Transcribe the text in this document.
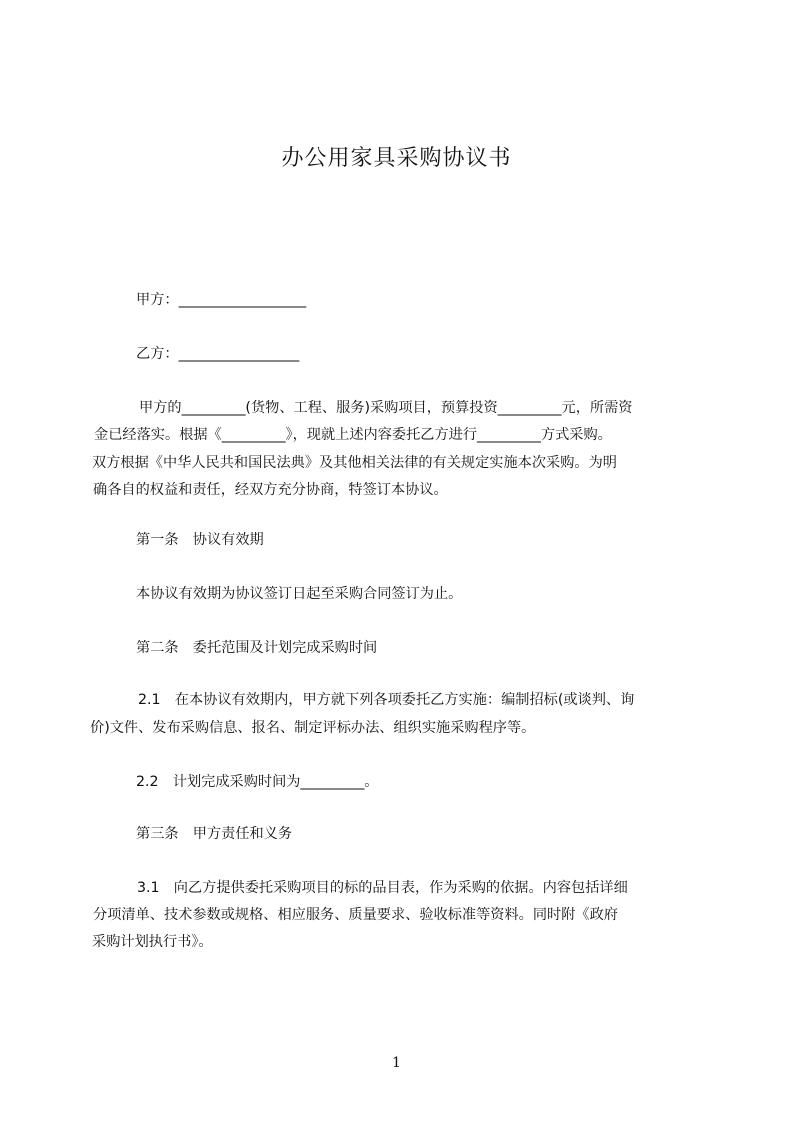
办公用家具采购协议书
甲方：__________________
乙方：_________________
甲方的_________(货物、工程、服务)采购项目，预算投资_________元，所需资
金已经落实。根据《_________》，现就上述内容委托乙方进行_________方式采购。
双方根据《中华人民共和国民法典》及其他相关法律的有关规定实施本次采购。为明
确各自的权益和责任，经双方充分协商，特签订本协议。
第一条　协议有效期
本协议有效期为协议签订日起至采购合同签订为止。
第二条　委托范围及计划完成采购时间
2.1　在本协议有效期内，甲方就下列各项委托乙方实施：编制招标(或谈判、询
价)文件、发布采购信息、报名、制定评标办法、组织实施采购程序等。
2.2　计划完成采购时间为_________。
第三条　甲方责任和义务
3.1　向乙方提供委托采购项目的标的品目表，作为采购的依据。内容包括详细
分项清单、技术参数或规格、相应服务、质量要求、验收标准等资料。同时附《政府
采购计划执行书》。
1
